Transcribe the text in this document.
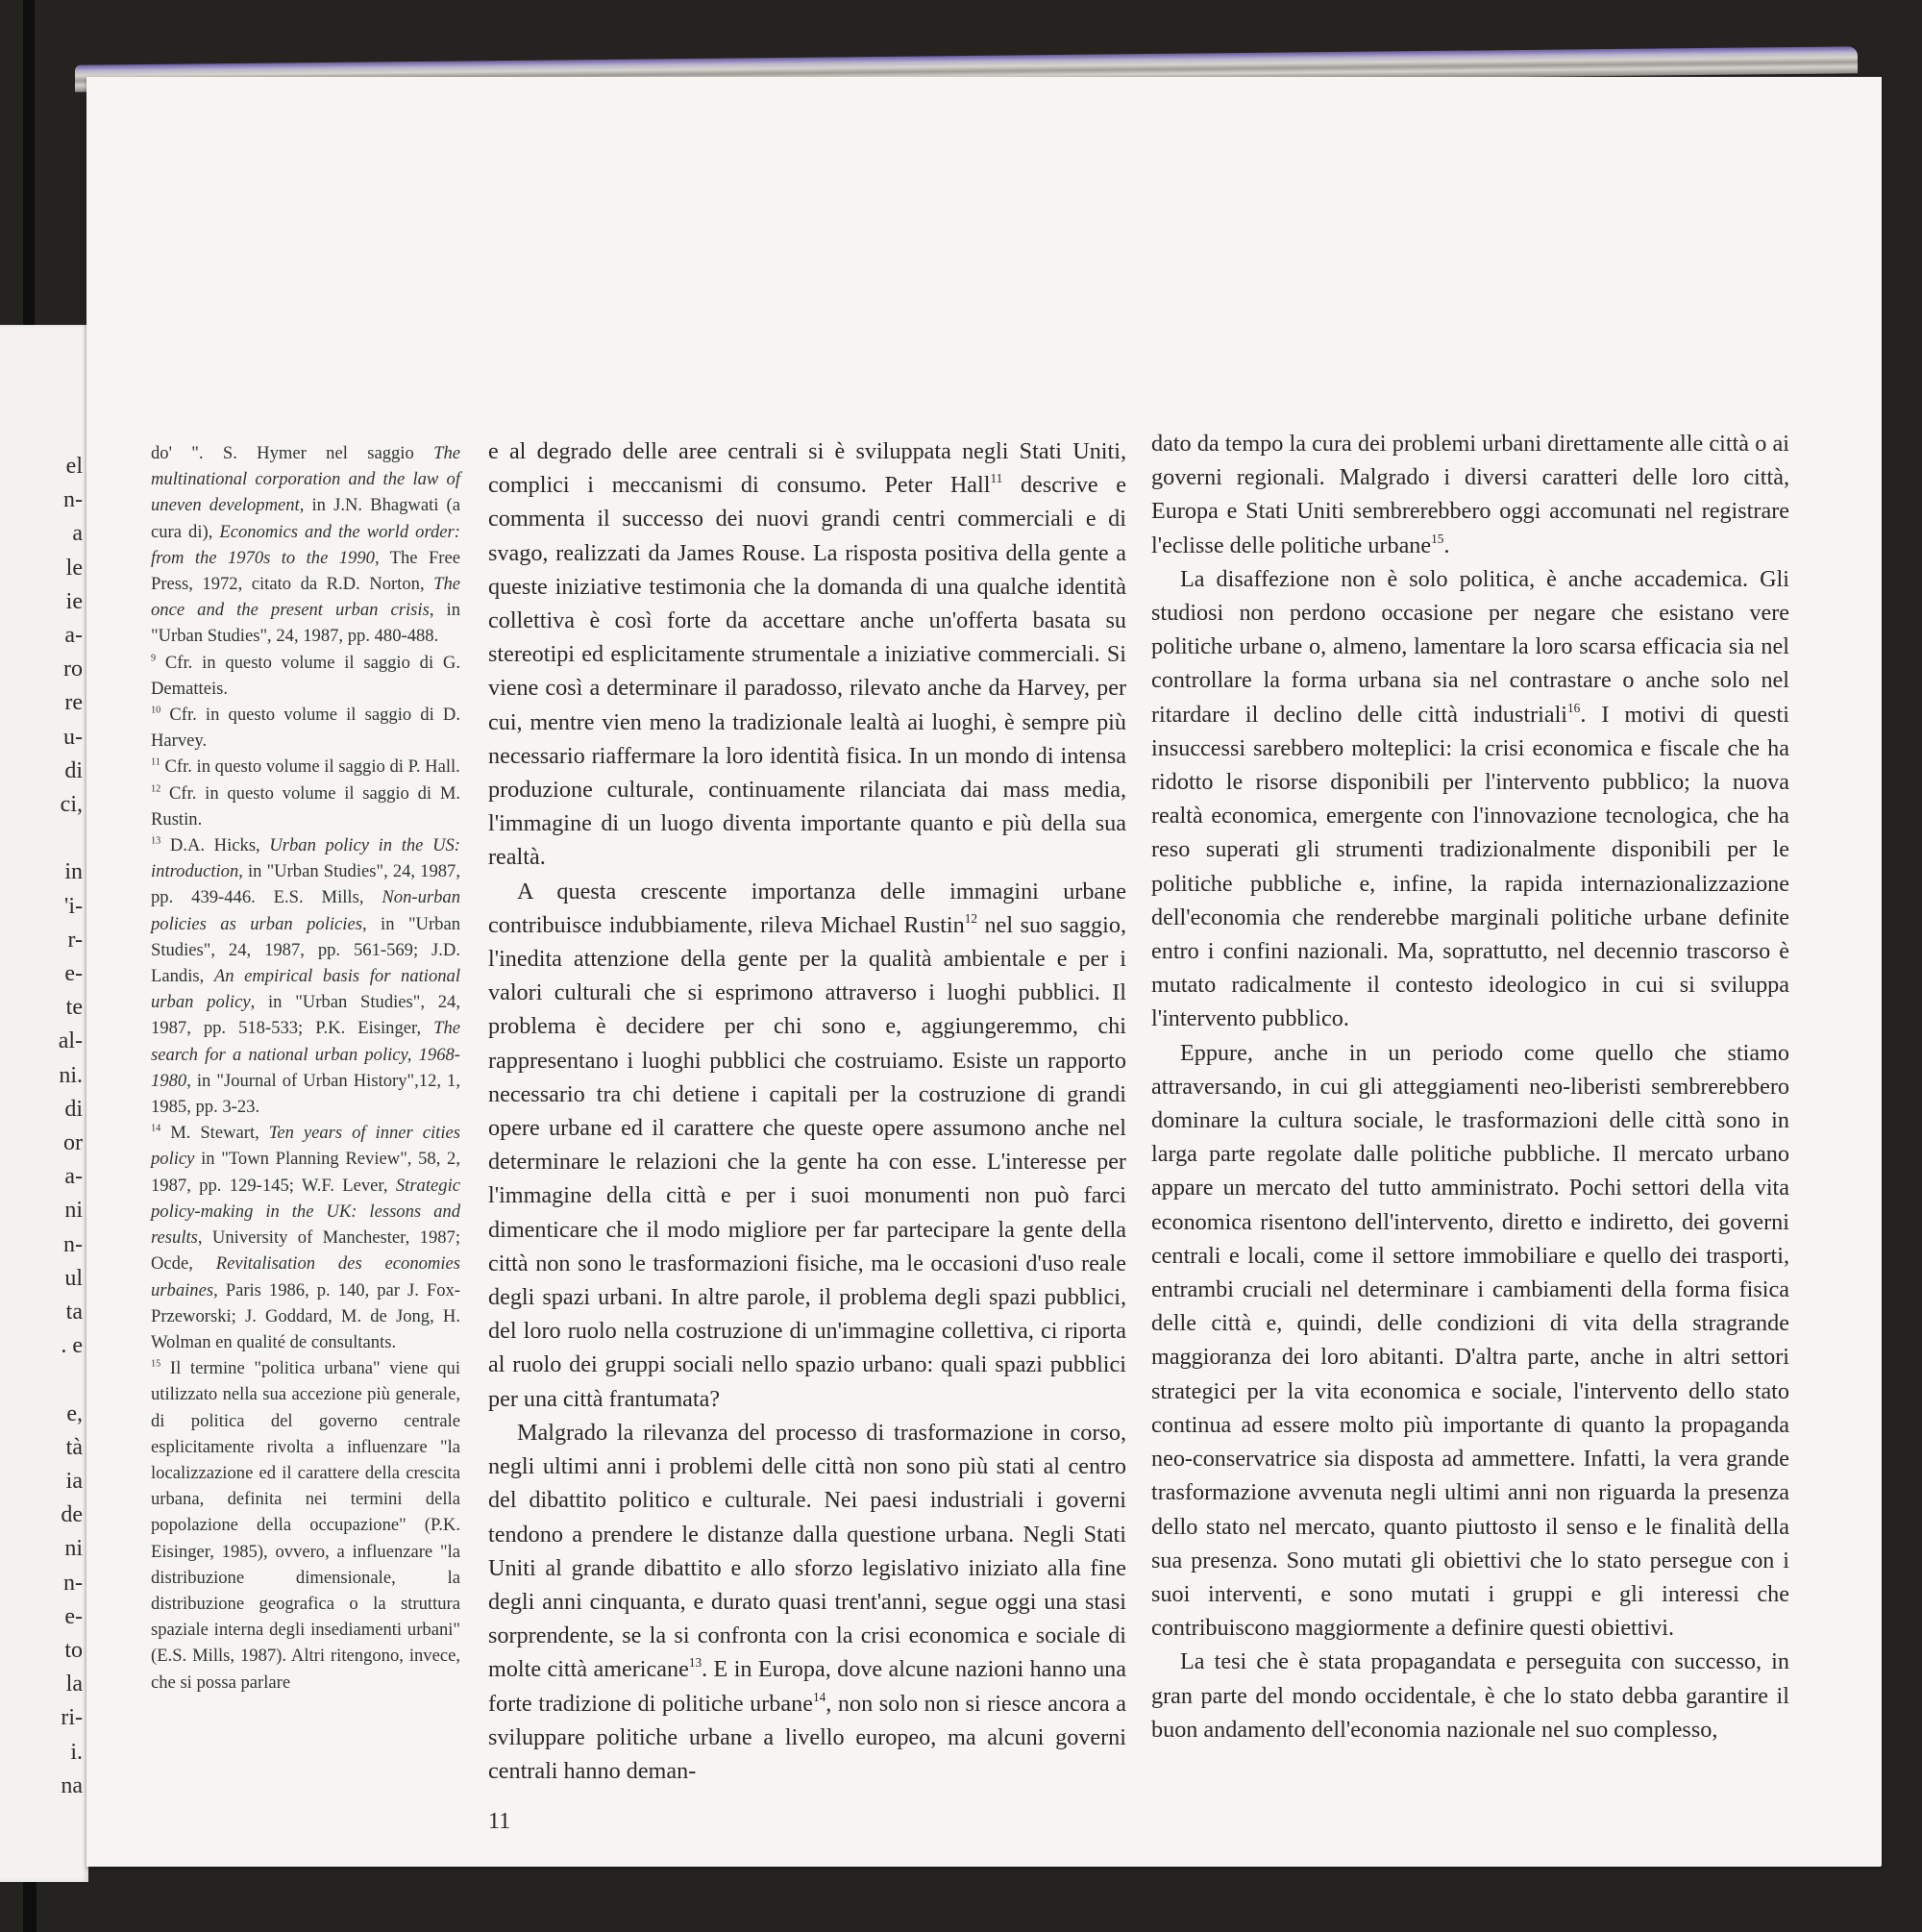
el
n-
a
le
ie
a-
ro
re
u-
di
ci,
in
'i-
r-
e-
te
al-
ni.
di
or
a-
ni
n-
ul
ta
. e
e,
tà
ia
de
ni
n-
e-
to
la
ri-
i.
na

do' ". S. Hymer nel saggio The multinational corporation and the law of uneven development, in J.N. Bhagwati (a cura di), Economics and the world order: from the 1970s to the 1990, The Free Press, 1972, citato da R.D. Norton, The once and the present urban crisis, in "Urban Studies", 24, 1987, pp. 480-488.

$^9$ Cfr. in questo volume il saggio di G. Dematteis.

$^{10}$ Cfr. in questo volume il saggio di D. Harvey.

$^{11}$ Cfr. in questo volume il saggio di P. Hall.

$^{12}$ Cfr. in questo volume il saggio di M. Rustin.

$^{13}$ D.A. Hicks, Urban policy in the US: introduction, in "Urban Studies", 24, 1987, pp. 439-446. E.S. Mills, Non-urban policies as urban policies, in "Urban Studies", 24, 1987, pp. 561-569; J.D. Landis, An empirical basis for national urban policy, in "Urban Studies", 24, 1987, pp. 518-533; P.K. Eisinger, The search for a national urban policy, 1968-1980, in "Journal of Urban History",12, 1, 1985, pp. 3-23.

$^{14}$ M. Stewart, Ten years of inner cities policy in "Town Planning Review", 58, 2, 1987, pp. 129-145; W.F. Lever, Strategic policy-making in the UK: lessons and results, University of Manchester, 1987; Ocde, Revitalisation des economies urbaines, Paris 1986, p. 140, par J. Fox-Przeworski; J. Goddard, M. de Jong, H. Wolman en qualité de consultants.

$^{15}$ Il termine "politica urbana" viene qui utilizzato nella sua accezione più generale, di politica del governo centrale esplicitamente rivolta a influenzare "la localizzazione ed il carattere della crescita urbana, definita nei termini della popolazione della occupazione" (P.K. Eisinger, 1985), ovvero, a influenzare "la distribuzione dimensionale, la distribuzione geografica o la struttura spaziale interna degli insediamenti urbani" (E.S. Mills, 1987). Altri ritengono, invece, che si possa parlare

e al degrado delle aree centrali si è sviluppata negli Stati Uniti, complici i meccanismi di consumo. Peter Hall$^{11}$ descrive e commenta il successo dei nuovi grandi centri commerciali e di svago, realizzati da James Rouse. La risposta positiva della gente a queste iniziative testimonia che la domanda di una qualche identità collettiva è così forte da accettare anche un'offerta basata su stereotipi ed esplicitamente strumentale a iniziative commerciali. Si viene così a determinare il paradosso, rilevato anche da Harvey, per cui, mentre vien meno la tradizionale lealtà ai luoghi, è sempre più necessario riaffermare la loro identità fisica. In un mondo di intensa produzione culturale, continuamente rilanciata dai mass media, l'immagine di un luogo diventa importante quanto e più della sua realtà.

A questa crescente importanza delle immagini urbane contribuisce indubbiamente, rileva Michael Rustin$^{12}$ nel suo saggio, l'inedita attenzione della gente per la qualità ambientale e per i valori culturali che si esprimono attraverso i luoghi pubblici. Il problema è decidere per chi sono e, aggiungeremmo, chi rappresentano i luoghi pubblici che costruiamo. Esiste un rapporto necessario tra chi detiene i capitali per la costruzione di grandi opere urbane ed il carattere che queste opere assumono anche nel determinare le relazioni che la gente ha con esse. L'interesse per l'immagine della città e per i suoi monumenti non può farci dimenticare che il modo migliore per far partecipare la gente della città non sono le trasformazioni fisiche, ma le occasioni d'uso reale degli spazi urbani. In altre parole, il problema degli spazi pubblici, del loro ruolo nella costruzione di un'immagine collettiva, ci riporta al ruolo dei gruppi sociali nello spazio urbano: quali spazi pubblici per una città frantumata?

Malgrado la rilevanza del processo di trasformazione in corso, negli ultimi anni i problemi delle città non sono più stati al centro del dibattito politico e culturale. Nei paesi industriali i governi tendono a prendere le distanze dalla questione urbana. Negli Stati Uniti al grande dibattito e allo sforzo legislativo iniziato alla fine degli anni cinquanta, e durato quasi trent'anni, segue oggi una stasi sorprendente, se la si confronta con la crisi economica e sociale di molte città americane$^{13}$. E in Europa, dove alcune nazioni hanno una forte tradizione di politiche urbane$^{14}$, non solo non si riesce ancora a sviluppare politiche urbane a livello europeo, ma alcuni governi centrali hanno deman-

dato da tempo la cura dei problemi urbani direttamente alle città o ai governi regionali. Malgrado i diversi caratteri delle loro città, Europa e Stati Uniti sembrerebbero oggi accomunati nel registrare l'eclisse delle politiche urbane$^{15}$.

La disaffezione non è solo politica, è anche accademica. Gli studiosi non perdono occasione per negare che esistano vere politiche urbane o, almeno, lamentare la loro scarsa efficacia sia nel controllare la forma urbana sia nel contrastare o anche solo nel ritardare il declino delle città industriali$^{16}$. I motivi di questi insuccessi sarebbero molteplici: la crisi economica e fiscale che ha ridotto le risorse disponibili per l'intervento pubblico; la nuova realtà economica, emergente con l'innovazione tecnologica, che ha reso superati gli strumenti tradizionalmente disponibili per le politiche pubbliche e, infine, la rapida internazionalizzazione dell'economia che renderebbe marginali politiche urbane definite entro i confini nazionali. Ma, soprattutto, nel decennio trascorso è mutato radicalmente il contesto ideologico in cui si sviluppa l'intervento pubblico.

Eppure, anche in un periodo come quello che stiamo attraversando, in cui gli atteggiamenti neo-liberisti sembrerebbero dominare la cultura sociale, le trasformazioni delle città sono in larga parte regolate dalle politiche pubbliche. Il mercato urbano appare un mercato del tutto amministrato. Pochi settori della vita economica risentono dell'intervento, diretto e indiretto, dei governi centrali e locali, come il settore immobiliare e quello dei trasporti, entrambi cruciali nel determinare i cambiamenti della forma fisica delle città e, quindi, delle condizioni di vita della stragrande maggioranza dei loro abitanti. D'altra parte, anche in altri settori strategici per la vita economica e sociale, l'intervento dello stato continua ad essere molto più importante di quanto la propaganda neo-conservatrice sia disposta ad ammettere. Infatti, la vera grande trasformazione avvenuta negli ultimi anni non riguarda la presenza dello stato nel mercato, quanto piuttosto il senso e le finalità della sua presenza. Sono mutati gli obiettivi che lo stato persegue con i suoi interventi, e sono mutati i gruppi e gli interessi che contribuiscono maggiormente a definire questi obiettivi.

La tesi che è stata propagandata e perseguita con successo, in gran parte del mondo occidentale, è che lo stato debba garantire il buon andamento dell'economia nazionale nel suo complesso,

11
